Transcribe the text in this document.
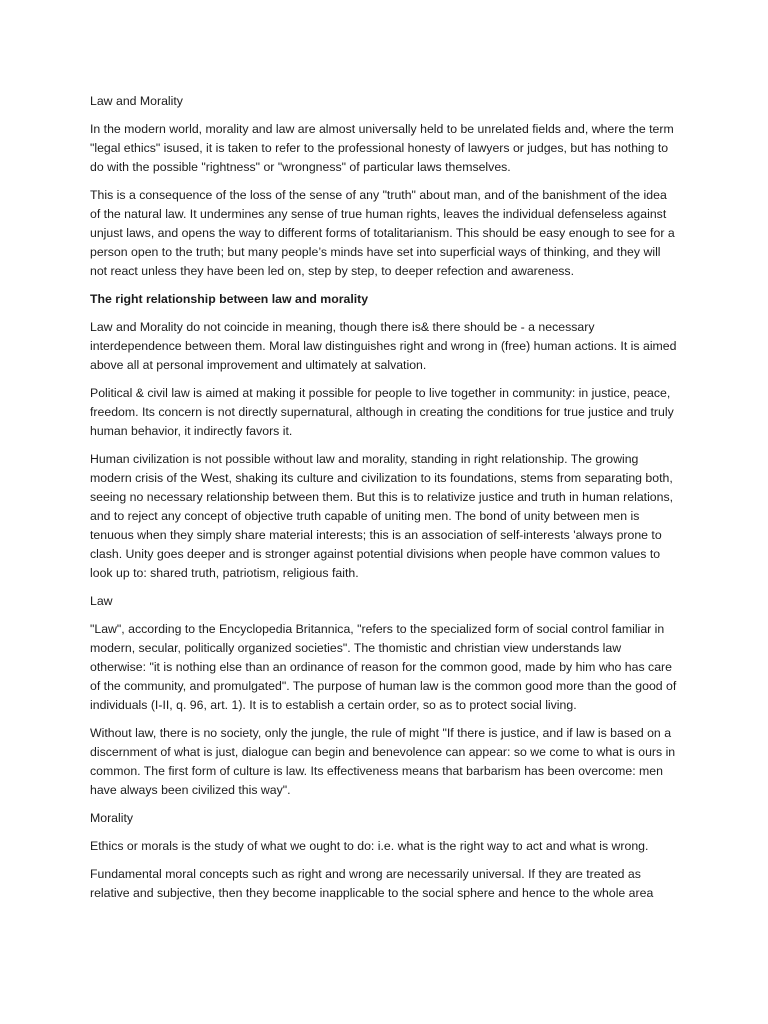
Law and Morality

In the modern world, morality and law are almost universally held to be unrelated fields and, where the term "legal ethics" isused, it is taken to refer to the professional honesty of lawyers or judges, but has nothing to do with the possible "rightness" or "wrongness" of particular laws themselves.

This is a consequence of the loss of the sense of any "truth" about man, and of the banishment of the idea of the natural law. It undermines any sense of true human rights, leaves the individual defenseless against unjust laws, and opens the way to different forms of totalitarianism. This should be easy enough to see for a person open to the truth; but many people’s minds have set into superficial ways of thinking, and they will not react unless they have been led on, step by step, to deeper refection and awareness.

The right relationship between law and morality

Law and Morality do not coincide in meaning, though there is& there should be - a necessary interdependence between them. Moral law distinguishes right and wrong in (free) human actions. It is aimed above all at personal improvement and ultimately at salvation.

Political & civil law is aimed at making it possible for people to live together in community: in justice, peace, freedom. Its concern is not directly supernatural, although in creating the conditions for true justice and truly human behavior, it indirectly favors it.

Human civilization is not possible without law and morality, standing in right relationship. The growing modern crisis of the West, shaking its culture and civilization to its foundations, stems from separating both, seeing no necessary relationship between them. But this is to relativize justice and truth in human relations, and to reject any concept of objective truth capable of uniting men. The bond of unity between men is tenuous when they simply share material interests; this is an association of self-interests 'always prone to clash. Unity goes deeper and is stronger against potential divisions when people have common values to look up to: shared truth, patriotism, religious faith.

Law

"Law", according to the Encyclopedia Britannica, "refers to the specialized form of social control familiar in modern, secular, politically organized societies". The thomistic and christian view understands law otherwise: "it is nothing else than an ordinance of reason for the common good, made by him who has care of the community, and promulgated". The purpose of human law is the common good more than the good of individuals (I-II, q. 96, art. 1). It is to establish a certain order, so as to protect social living.

Without law, there is no society, only the jungle, the rule of might "If there is justice, and if law is based on a discernment of what is just, dialogue can begin and benevolence can appear: so we come to what is ours in common. The first form of culture is law. Its effectiveness means that barbarism has been overcome: men have always been civilized this way".

Morality

Ethics or morals is the study of what we ought to do: i.e. what is the right way to act and what is wrong.

Fundamental moral concepts such as right and wrong are necessarily universal. If they are treated as relative and subjective, then they become inapplicable to the social sphere and hence to the whole area
